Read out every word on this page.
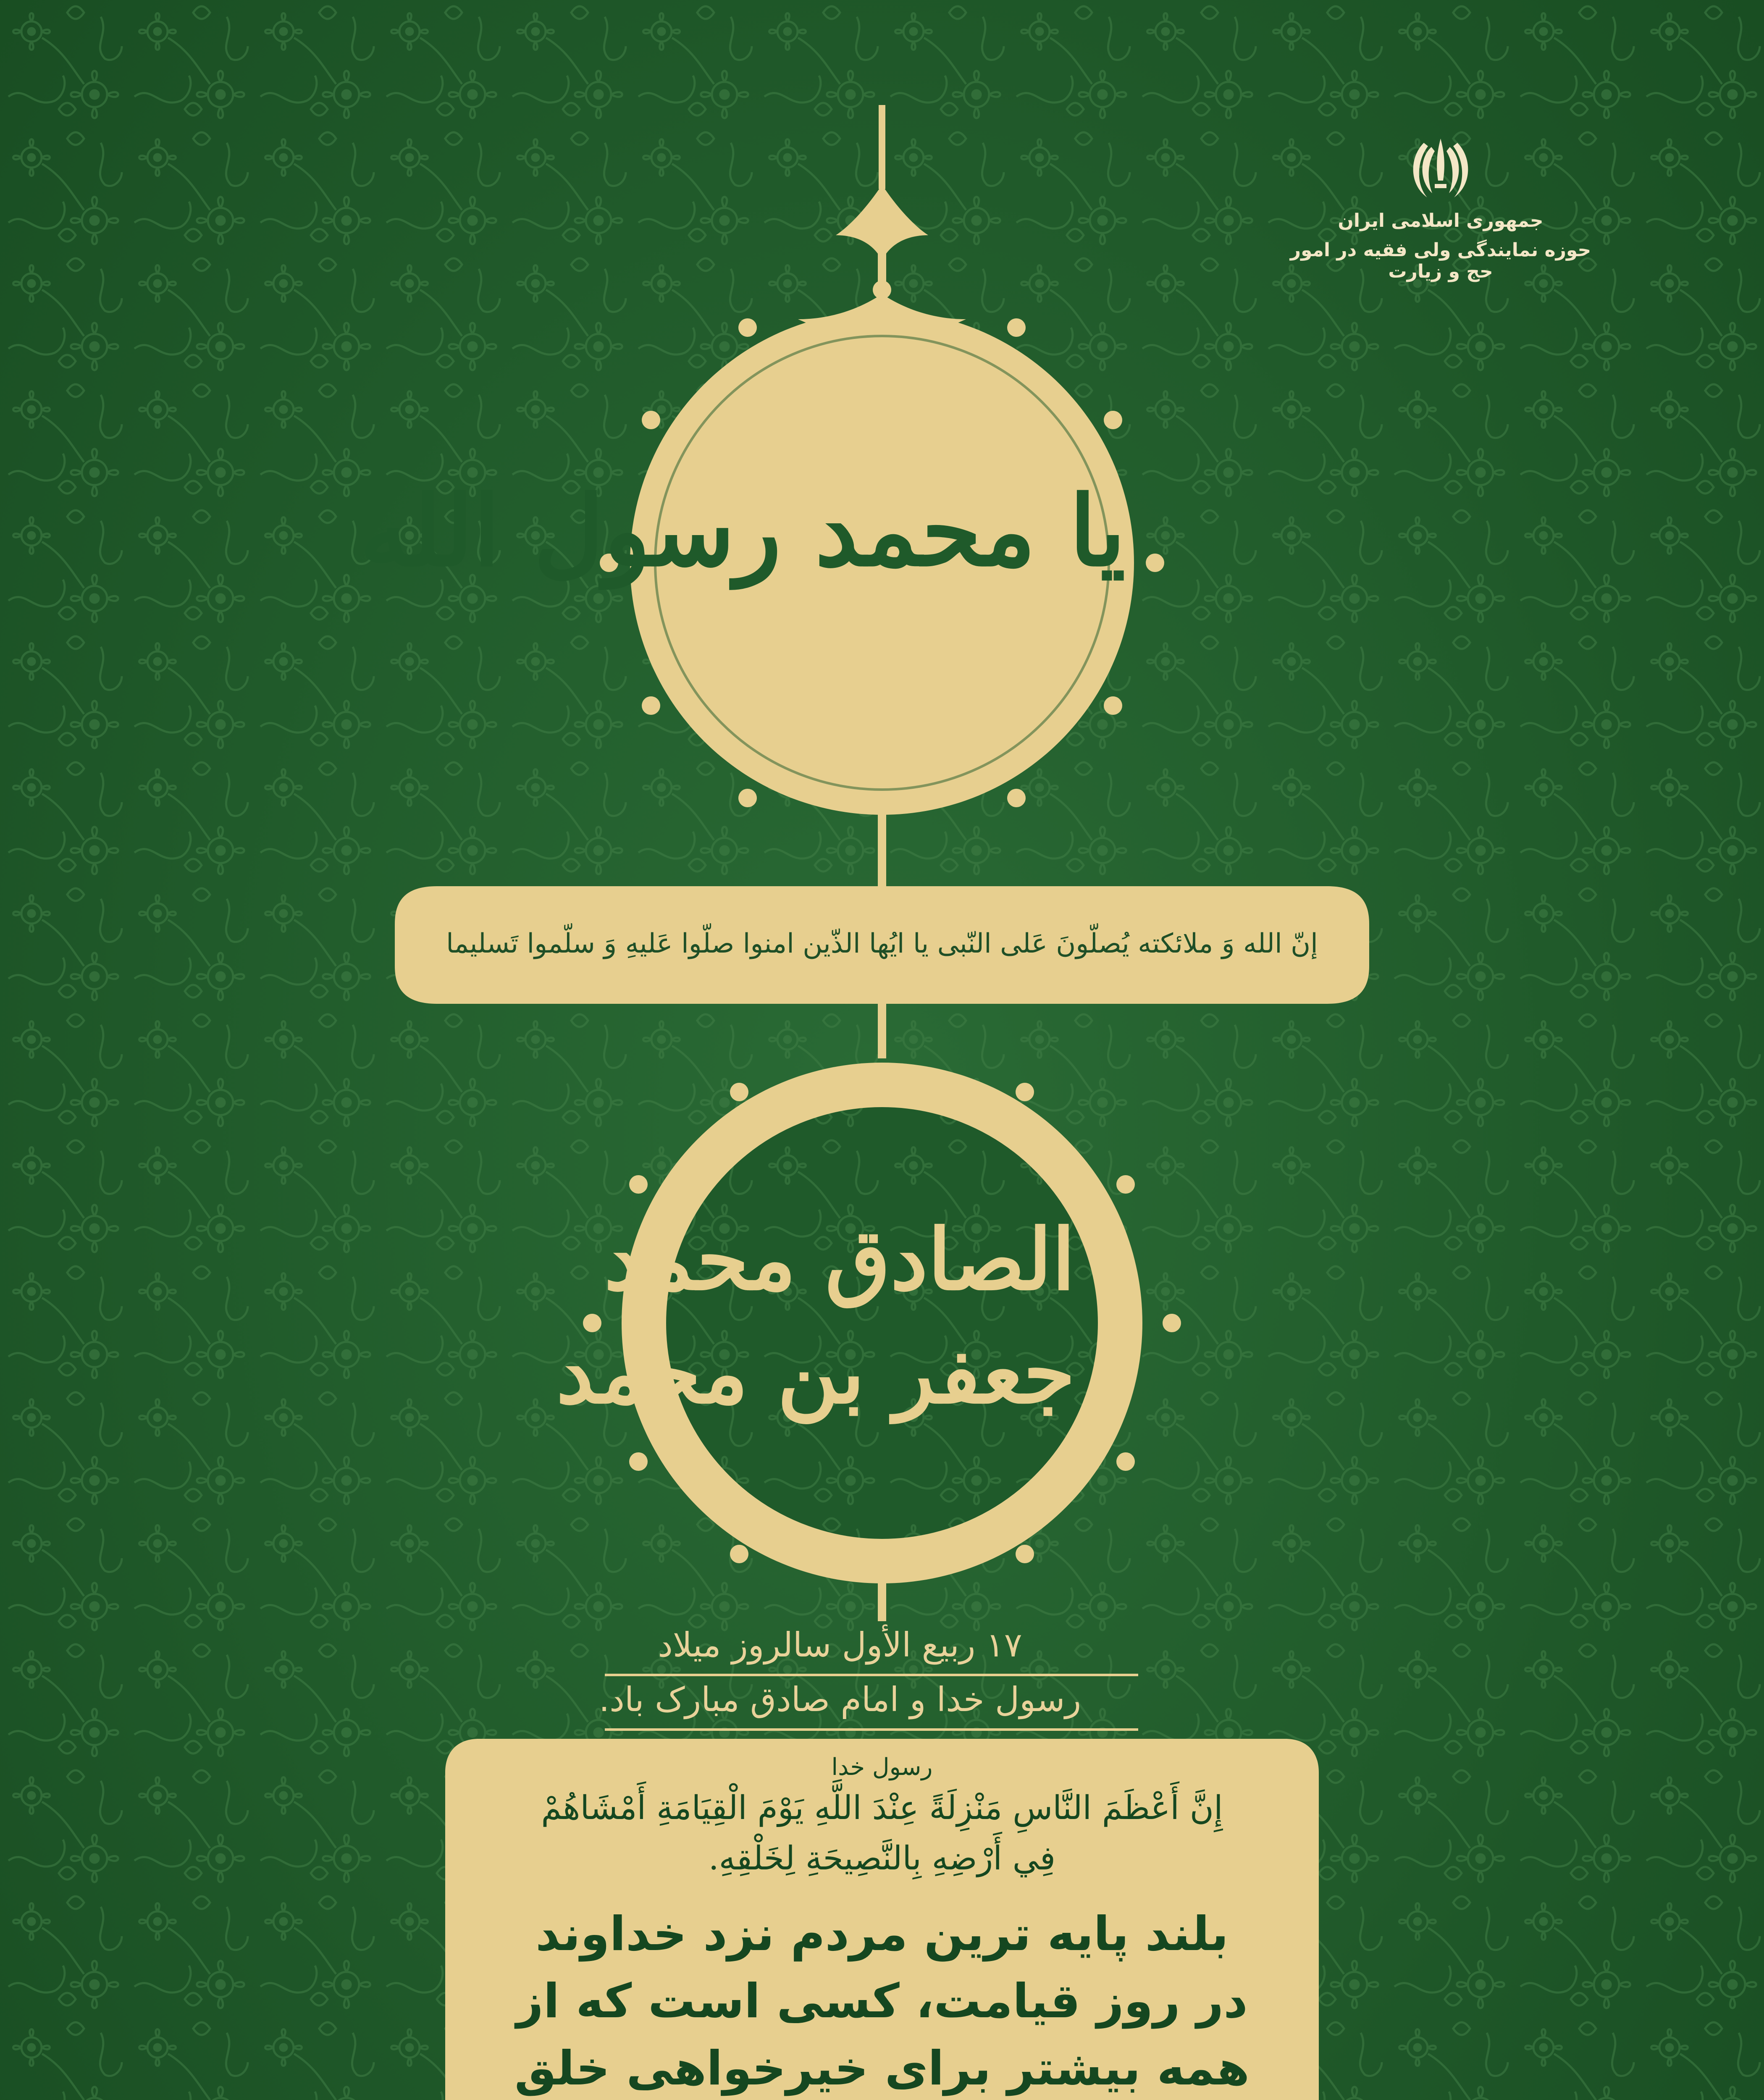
جمهوری اسلامی ایران
حوزه نمایندگی ولی فقیه در امور حج و زیارت
یا محمد رسول الله
إنّ الله وَ ملائکته یُصلّونَ عَلی النّبی یا ایُها الذّین امنوا صلّوا عَلیهِ وَ سلّموا تَسلیما
الصادق محمد
جعفر بن محمد
۱۷ ربیع الأول سالروز میلاد
رسول خدا و امام صادق مبارک باد.
رسول خدا
إِنَّ أَعْظَمَ النَّاسِ مَنْزِلَةً عِنْدَ اللَّهِ يَوْمَ الْقِيَامَةِ أَمْشَاهُمْ
فِي أَرْضِهِ بِالنَّصِيحَةِ لِخَلْقِهِ.
بلند پایه ترین مردم نزد خداوند
در روز قیامت، کسی است که از
همه بیشتر برای خیرخواهی خلق
